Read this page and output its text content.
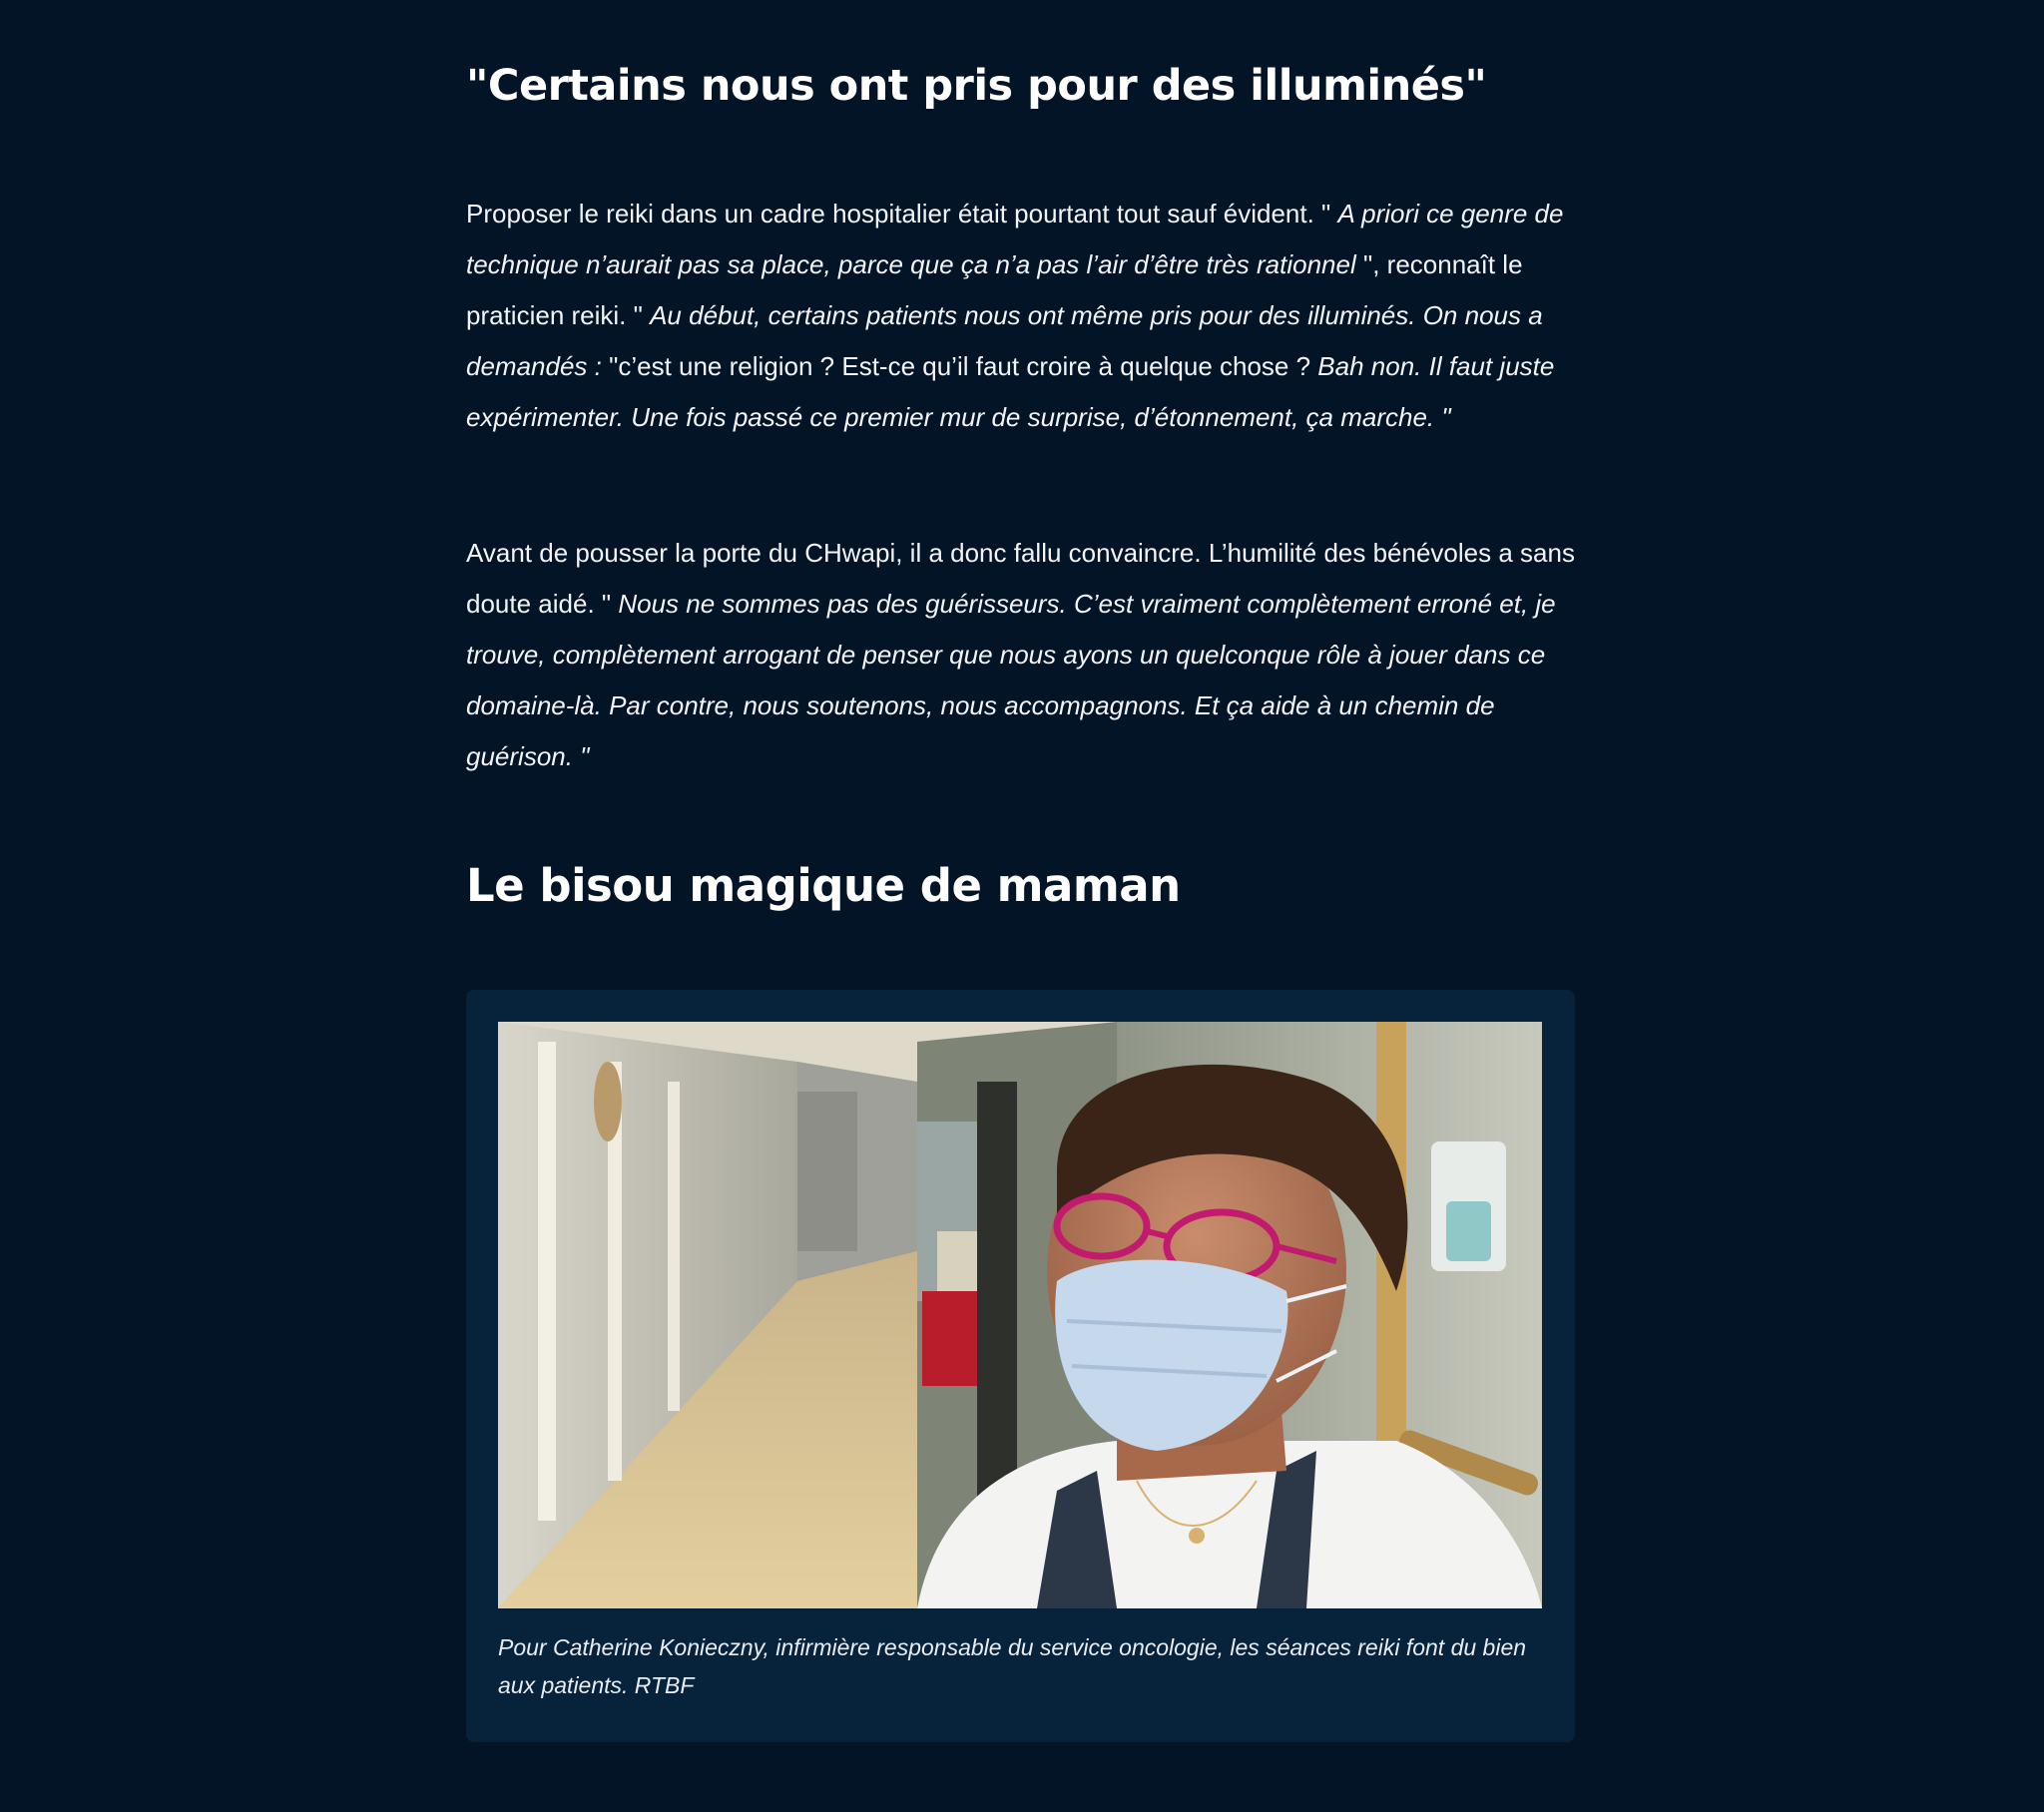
"Certains nous ont pris pour des illuminés"

Proposer le reiki dans un cadre hospitalier était pourtant tout sauf évident. " A priori ce genre de technique n’aurait pas sa place, parce que ça n’a pas l’air d’être très rationnel ", reconnaît le praticien reiki. " Au début, certains patients nous ont même pris pour des illuminés. On nous a demandés : "c’est une religion ? Est-ce qu’il faut croire à quelque chose ? Bah non. Il faut juste expérimenter. Une fois passé ce premier mur de surprise, d’étonnement, ça marche. "

Avant de pousser la porte du CHwapi, il a donc fallu convaincre. L’humilité des bénévoles a sans doute aidé. " Nous ne sommes pas des guérisseurs. C’est vraiment complètement erroné et, je trouve, complètement arrogant de penser que nous ayons un quelconque rôle à jouer dans ce domaine-là. Par contre, nous soutenons, nous accompagnons. Et ça aide à un chemin de guérison. "

Le bisou magique de maman
Pour Catherine Konieczny, infirmière responsable du service oncologie, les séances reiki font du bien aux patients. RTBF
